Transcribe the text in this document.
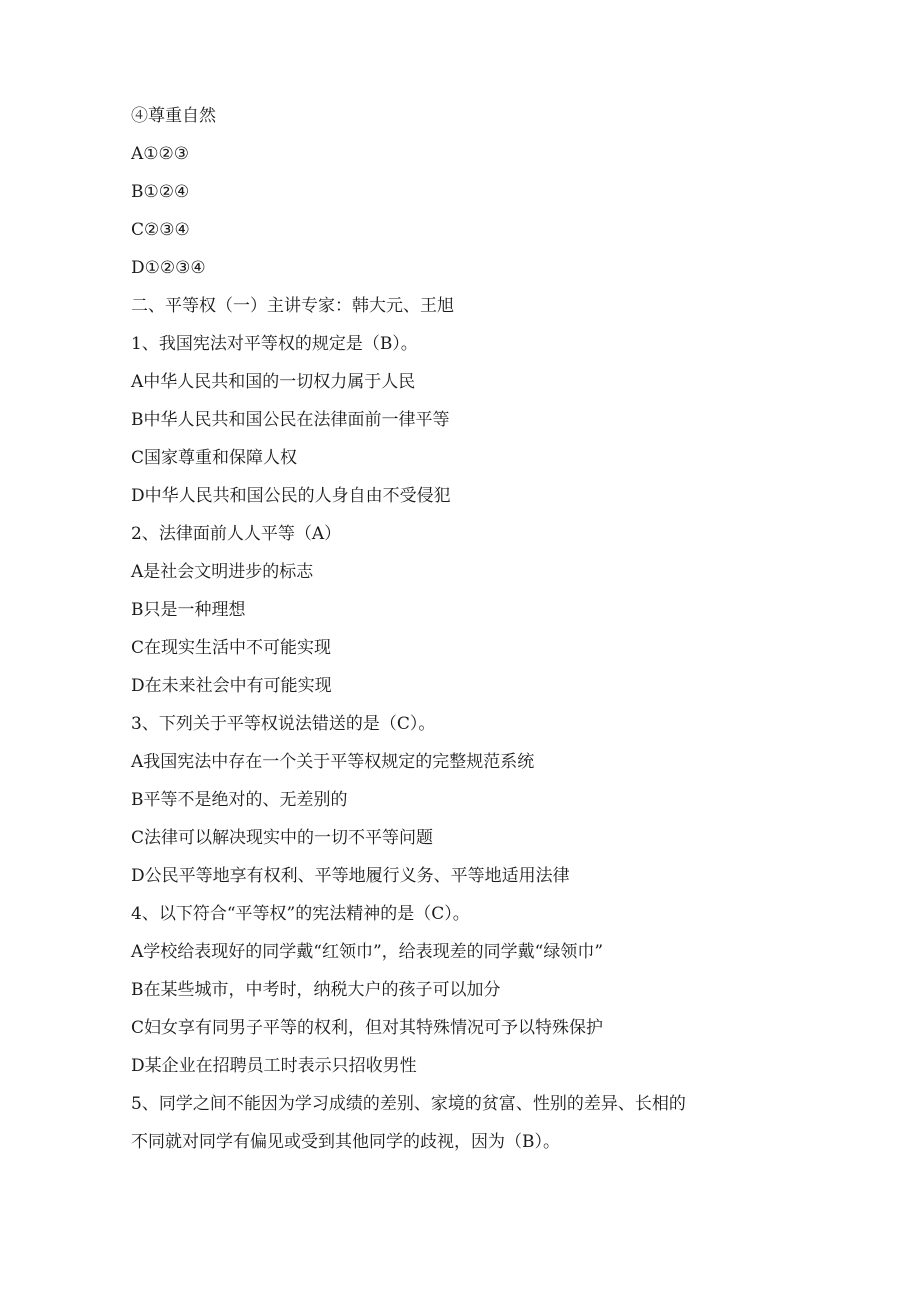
④尊重自然
A①②③
B①②④
C②③④
D①②③④
二、平等权（一）主讲专家：韩大元、王旭
1、我国宪法对平等权的规定是（B）。
A中华人民共和国的一切权力属于人民
B中华人民共和国公民在法律面前一律平等
C国家尊重和保障人权
D中华人民共和国公民的人身自由不受侵犯
2、法律面前人人平等（A）
A是社会文明进步的标志
B只是一种理想
C在现实生活中不可能实现
D在未来社会中有可能实现
3、下列关于平等权说法错送的是（C）。
A我国宪法中存在一个关于平等权规定的完整规范系统
B平等不是绝对的、无差别的
C法律可以解决现实中的一切不平等问题
D公民平等地享有权利、平等地履行义务、平等地适用法律
4、以下符合“平等权”的宪法精神的是（C）。
A学校给表现好的同学戴“红领巾”，给表现差的同学戴“绿领巾”
B在某些城市，中考时，纳税大户的孩子可以加分
C妇女享有同男子平等的权利，但对其特殊情况可予以特殊保护
D某企业在招聘员工时表示只招收男性
5、同学之间不能因为学习成绩的差别、家境的贫富、性别的差异、长相的
不同就对同学有偏见或受到其他同学的歧视，因为（B）。
